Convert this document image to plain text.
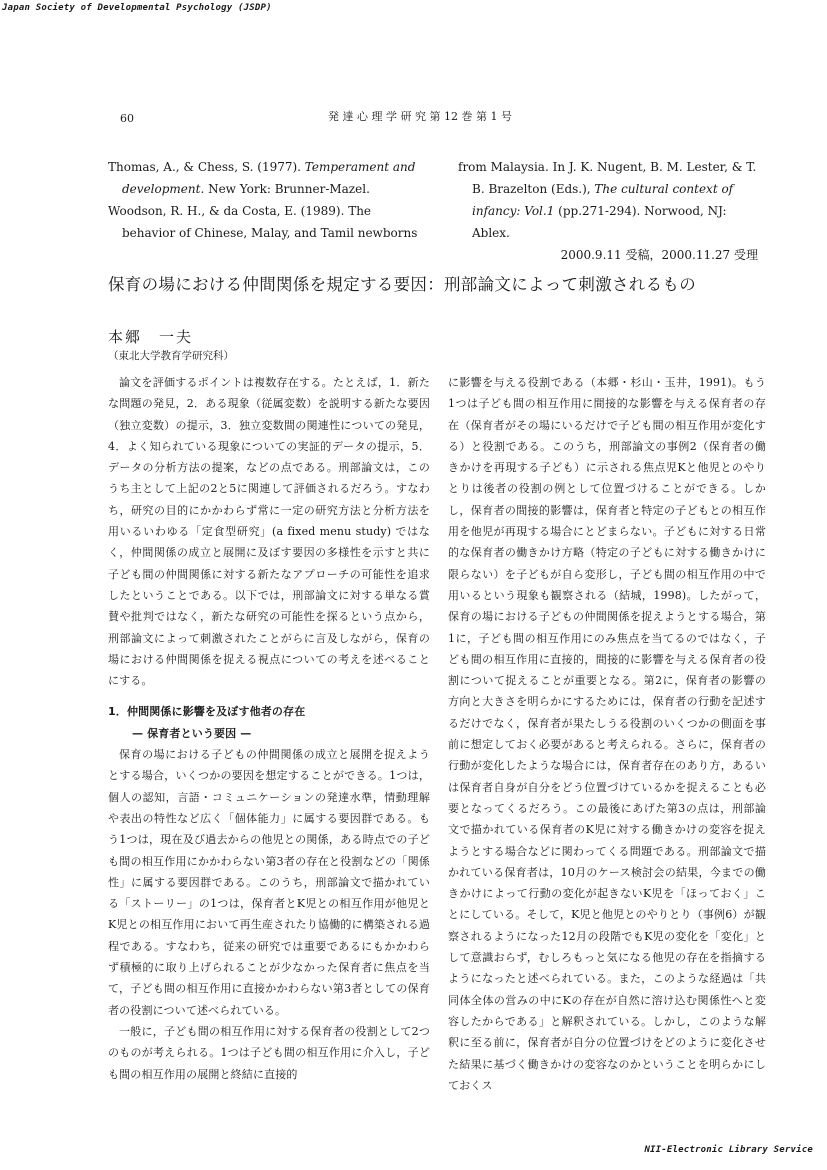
Japan Society of Developmental Psychology (JSDP)
60	発 達 心 理 学 研 究 第 12 巻 第 1 号

Thomas, A., & Chess, S. (1977). Temperament and development. New York: Brunner-Mazel.

Woodson, R. H., & da Costa, E. (1989). The behavior of Chinese, Malay, and Tamil newborns

from Malaysia. In J. K. Nugent, B. M. Lester, & T. B. Brazelton (Eds.), The cultural context of infancy: Vol.1 (pp.271-294). Norwood, NJ: Ablex.

2000.9.11 受稿，2000.11.27 受理

保育の場における仲間関係を規定する要因：刑部論文によって刺激されるもの
本郷　一夫
（東北大学教育学研究科）

論文を評価するポイントは複数存在する。たとえば，1．新たな問題の発見，2．ある現象（従属変数）を説明する新たな要因（独立変数）の提示，3．独立変数間の関連性についての発見，4．よく知られている現象についての実証的データの提示，5．データの分析方法の提案，などの点である。刑部論文は，このうち主として上記の2と5に関連して評価されるだろう。すなわち，研究の目的にかかわらず常に一定の研究方法と分析方法を用いるいわゆる「定食型研究」(a fixed menu study) ではなく，仲間関係の成立と展開に及ぼす要因の多様性を示すと共に子ども間の仲間関係に対する新たなアプローチの可能性を追求したということである。以下では，刑部論文に対する単なる賞賛や批判ではなく，新たな研究の可能性を探るという点から，刑部論文によって刺激されたことがらに言及しながら，保育の場における仲間関係を捉える視点についての考えを述べることにする。

1．仲間関係に影響を及ぼす他者の存在

— 保育者という要因 —

保育の場における子どもの仲間関係の成立と展開を捉えようとする場合，いくつかの要因を想定することができる。1つは，個人の認知，言語・コミュニケーションの発達水準，情動理解や表出の特性など広く「個体能力」に属する要因群である。もう1つは，現在及び過去からの他児との関係，ある時点での子ども間の相互作用にかかわらない第3者の存在と役割などの「関係性」に属する要因群である。このうち，刑部論文で描かれている「ストーリー」の1つは，保育者とK児との相互作用が他児とK児との相互作用において再生産されたり協働的に構築される過程である。すなわち，従来の研究では重要であるにもかかわらず積極的に取り上げられることが少なかった保育者に焦点を当て，子ども間の相互作用に直接かかわらない第3者としての保育者の役割について述べられている。

一般に，子ども間の相互作用に対する保育者の役割として2つのものが考えられる。1つは子ども間の相互作用に介入し，子ども間の相互作用の展開と終結に直接的

に影響を与える役割である（本郷・杉山・玉井，1991)。もう1つは子ども間の相互作用に間接的な影響を与える保育者の存在（保育者がその場にいるだけで子ども間の相互作用が変化する）と役割である。このうち，刑部論文の事例2（保育者の働きかけを再現する子ども）に示される焦点児Kと他児とのやりとりは後者の役割の例として位置づけることができる。しかし，保育者の間接的影響は，保育者と特定の子どもとの相互作用を他児が再現する場合にとどまらない。子どもに対する日常的な保育者の働きかけ方略（特定の子どもに対する働きかけに限らない）を子どもが自ら変形し，子ども間の相互作用の中で用いるという現象も観察される（結城，1998)。したがって，保育の場における子どもの仲間関係を捉えようとする場合，第1に，子ども間の相互作用にのみ焦点を当てるのではなく，子ども間の相互作用に直接的，間接的に影響を与える保育者の役割について捉えることが重要となる。第2に，保育者の影響の方向と大きさを明らかにするためには，保育者の行動を記述するだけでなく，保育者が果たしうる役割のいくつかの側面を事前に想定しておく必要があると考えられる。さらに，保育者の行動が変化したような場合には，保育者存在のあり方，あるいは保育者自身が自分をどう位置づけているかを捉えることも必要となってくるだろう。この最後にあげた第3の点は，刑部論文で描かれている保育者のK児に対する働きかけの変容を捉えようとする場合などに関わってくる問題である。刑部論文で描かれている保育者は，10月のケース検討会の結果，今までの働きかけによって行動の変化が起きないK児を「ほっておく」ことにしている。そして，K児と他児とのやりとり（事例6）が観察されるようになった12月の段階でもK児の変化を「変化」として意識おらず，むしろもっと気になる他児の存在を指摘するようになったと述べられている。また，このような経過は「共同体全体の営みの中にKの存在が自然に溶け込む関係性へと変容したからである」と解釈されている。しかし，このような解釈に至る前に，保育者が自分の位置づけをどのように変化させた結果に基づく働きかけの変容なのかということを明らかにしておくス

NII-Electronic Library Service
